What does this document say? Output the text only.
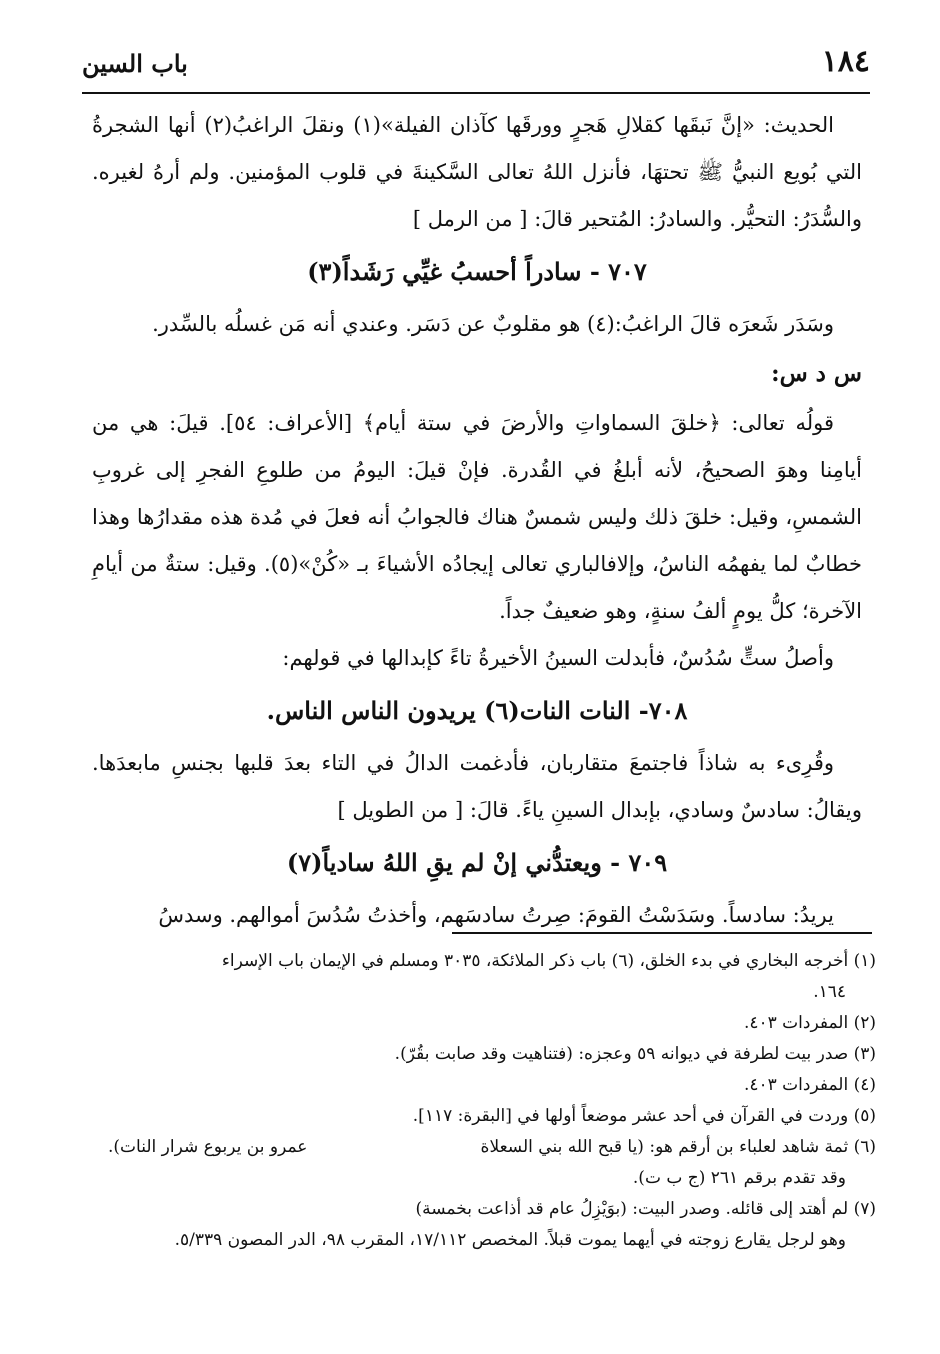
١٨٤
باب السين

الحديث: «إنَّ نَبقَها كقلالِ هَجرٍ وورقَها كآذان الفيلة»(١) ونقلَ الراغبُ(٢) أنها الشجرةُ التي بُويع النبيُّ ﷺ تحتهَا، فأنزل اللهُ تعالى السَّكينةَ في قلوب المؤمنين. ولم أرهُ لغيره. والسُّدَرُ: التحيُّر. والسادرُ: المُتحير قالَ: [ من الرمل ]

٧٠٧ - سادراً أحسبُ غيِّي رَشَداً(٣)

وسَدَر شَعرَه قالَ الراغبُ:(٤) هو مقلوبٌ عن دَسَر. وعندي أنه مَن غسلُه بالسِّدر.

س د س:

قولُه تعالى: ﴿خلقَ السماواتِ والأرضَ في ستة أيام﴾ [الأعراف: ٥٤]. قيلَ: هي من أيامِنا وهوَ الصحيحُ، لأنه أبلغُ في القُدرة. فإنْ قيلَ: اليومُ من طلوعِ الفجرِ إلى غروبِ الشمسِ، وقيل: خلقَ ذلك وليس شمسٌ هناك فالجوابُ أنه فعلَ في مُدة هذه مقدارُها وهذا خطابٌ لما يفهمُه الناسُ، وإلافالباري تعالى إيجادُه الأشياءَ بـ «كُنْ»(٥). وقيل: ستةٌ من أيامِ الآخرة؛ كلُّ يومٍ ألفُ سنةٍ، وهو ضعيفٌ جداً.

وأصلُ ستٍّ سُدُسٌ، فأبدلت السينُ الأخيرةُ تاءً كإبدالها في قولهم:

٧٠٨- النات النات(٦) يريدون الناس الناس.

وقُرِىء به شاذاً فاجتمعَ متقاربان، فأدغمت الدالُ في التاء بعدَ قلبها بجنسِ مابعدَها. ويقالُ: سادسٌ وسادي، بإبدال السينِ ياءً. قالَ: [ من الطويل ]

٧٠٩ - ويعتدُّني إنْ لم يقِ اللهُ سادياً(٧)

يريدُ: سادساً. وسَدَسْتُ القومَ: صِرتُ سادسَهم، وأخذتُ سُدُسَ أموالهم. وسدسُ

(١) أخرجه البخاري في بدء الخلق، (٦) باب ذكر الملائكة، ٣٠٣٥ ومسلم في الإيمان باب الإسراء

١٦٤.

(٢) المفردات ٤٠٣.

(٣) صدر بيت لطرفة في ديوانه ٥٩ وعجزه: (فتناهيت وقد صابت بقُرّ).

(٤) المفردات ٤٠٣.

(٥) وردت في القرآن في أحد عشر موضعاً أولها في [البقرة: ١١٧].

(٦) ثمة شاهد لعلباء بن أرقم هو: (يا قبح الله بني السعلاة
عمرو بن يربوع شرار النات).

وقد تقدم برقم ٢٦١ (ج ب ت).

(٧) لم أهتد إلى قائله. وصدر البيت: (بوَيْزِلُ عام قد أذاعت بخمسة)

وهو لرجل يقارع زوجته في أيهما يموت قبلاً. المخصص ١٧/١١٢، المقرب ٩٨، الدر المصون ٥/٣٣٩.
